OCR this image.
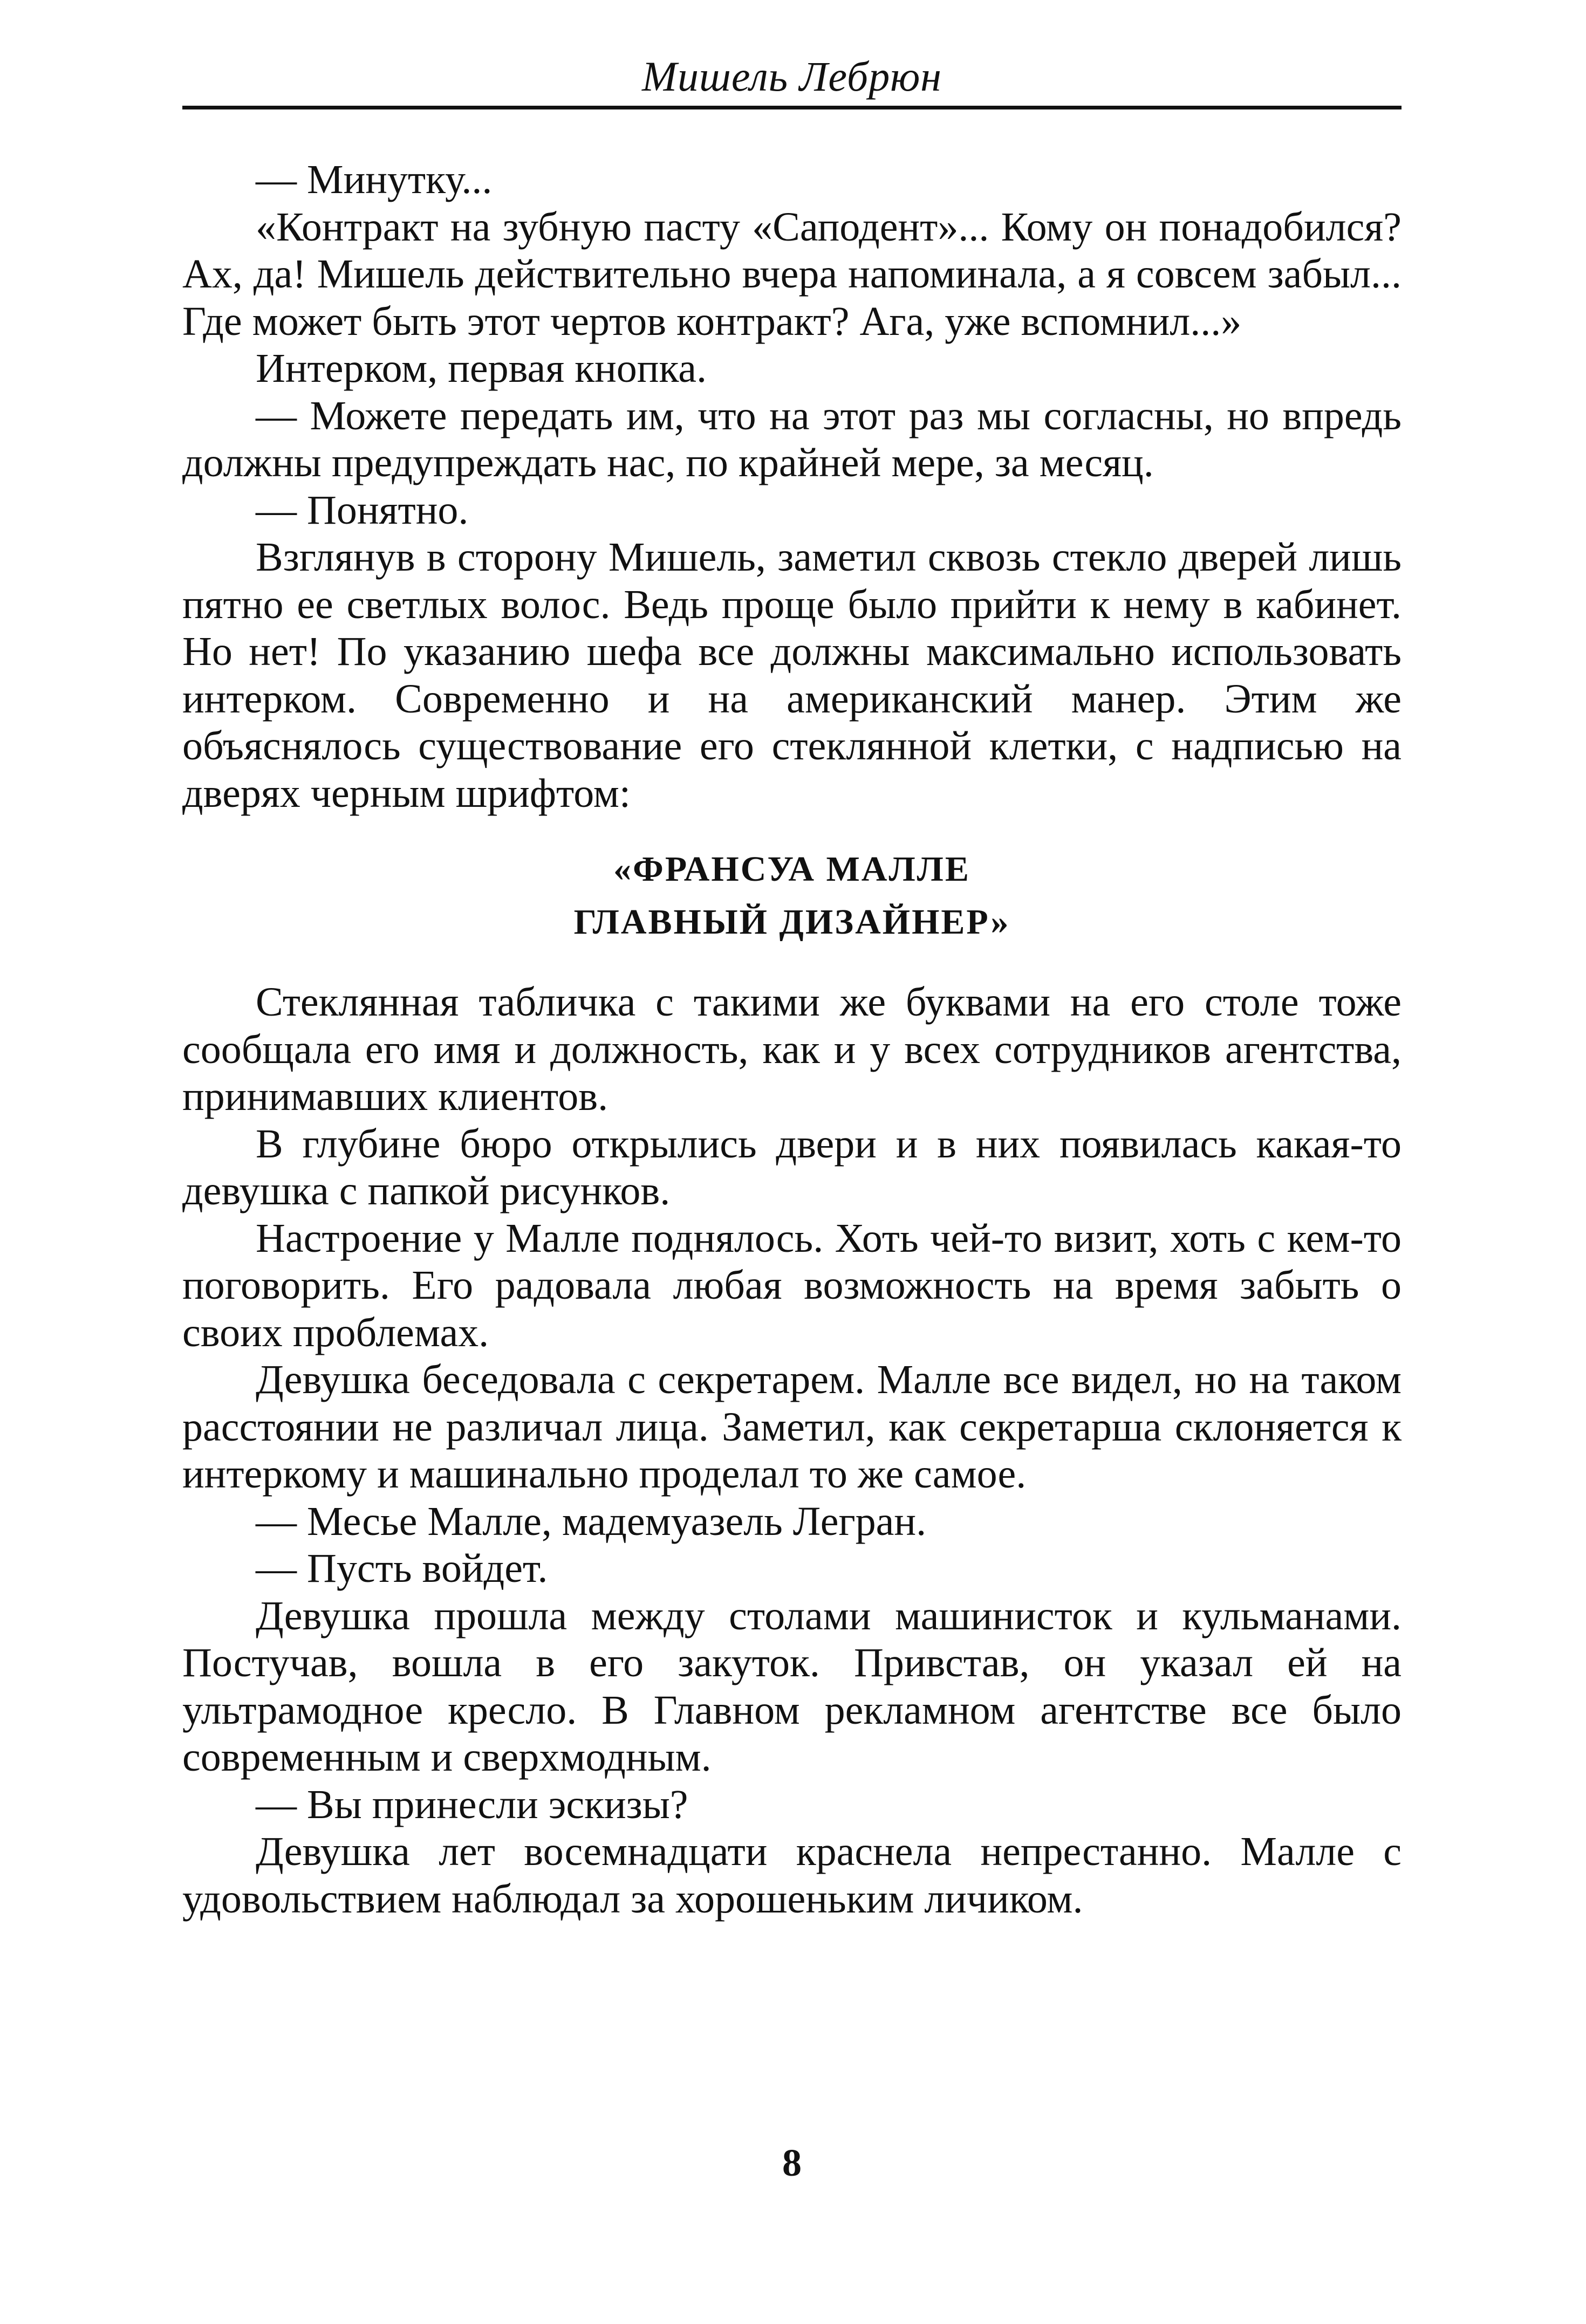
Мишель Лебрюн

— Минутку...

«Контракт на зубную пасту «Саподент»... Кому он понадобился? Ах, да! Мишель действительно вчера напоминала, а я совсем забыл... Где может быть этот чертов контракт? Ага, уже вспомнил...»

Интерком, первая кнопка.

— Можете передать им, что на этот раз мы согласны, но впредь должны предупреждать нас, по крайней мере, за месяц.

— Понятно.

Взглянув в сторону Мишель, заметил сквозь стекло дверей лишь пятно ее светлых волос. Ведь проще было прийти к нему в кабинет. Но нет! По указанию шефа все должны максимально использовать интерком. Современно и на американский манер. Этим же объяснялось существование его стеклянной клетки, с надписью на дверях черным шрифтом:

«ФРАНСУА МАЛЛЕ
ГЛАВНЫЙ ДИЗАЙНЕР»

Стеклянная табличка с такими же буквами на его столе тоже сообщала его имя и должность, как и у всех сотрудников агентства, принимавших клиентов.

В глубине бюро открылись двери и в них появилась какая-то девушка с папкой рисунков.

Настроение у Малле поднялось. Хоть чей-то визит, хоть с кем-то поговорить. Его радовала любая возможность на время забыть о своих проблемах.

Девушка беседовала с секретарем. Малле все видел, но на таком расстоянии не различал лица. Заметил, как секретарша склоняется к интеркому и машинально проделал то же самое.

— Месье Малле, мадемуазель Легран.

— Пусть войдет.

Девушка прошла между столами машинисток и кульманами. Постучав, вошла в его закуток. Привстав, он указал ей на ультрамодное кресло. В Главном рекламном агентстве все было современным и сверхмодным.

— Вы принесли эскизы?

Девушка лет восемнадцати краснела непрестанно. Малле с удовольствием наблюдал за хорошеньким личиком.

8
